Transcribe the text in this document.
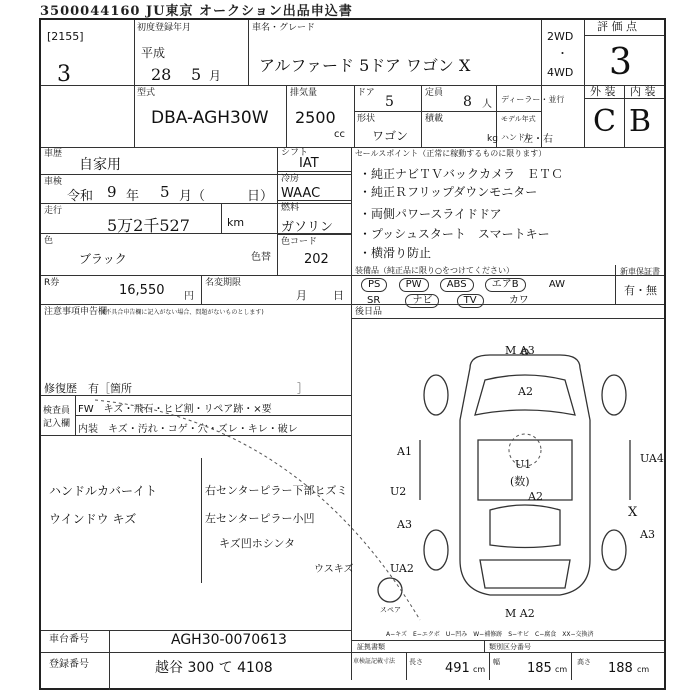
3500044160 JU東京 オークション出品申込書
[2155]
3
初度登録年月
平成
28 5 月
車名・グレード
アルファード 5ドア ワゴン X
2WD
・
4WD
評 価 点
3
型式
DBA-AGH30W
排気量
2500
cc
ドア
5
定員
8 人 ディーラー・並行
形状
ワゴン
積載
kg
モデル年式
ハンドル
左・右
外 装 内 装
C B
車歴
自家用
車検
令和 9 年 5 月（	日）
走行
5万2千527	km
色
ブラック	色替
シフト
IAT
冷房
WAAC
燃料
ガソリン
色コード
202
セールスポイント（正常に稼動するものに限ります）
・純正ナビＴＶバックカメラ　ＥＴＣ
・純正Ｒフリップダウンモニター
・両側パワースライドドア
・プッシュスタート　スマートキー
・横滑り防止
R券	16,550 円
名変期限
月 日
装備品（純正品に限り○をつけてください）
PS	PW	ABS	エアB	AW
SR	ナビ	TV	カワ
新車保証書
有・無
注意事項申告欄
(不具合申告欄に記入がない場合、問題がないものとします)
修復歴　有［箇所　　　　　　　　　　　　　　　］
後日品
検査員
記入欄
FW　キズ・飛石・ヒビ割・リペア跡・×要
内装　キズ・汚れ・コゲ・穴・ズレ・キレ・破レ
ハンドルカバーイト
ウインドウ キズ
右センターピラー下部ヒズミ
左センターピラー小凹
キズ凹ホシンタ
ウスキズ
A−キズ　E−エクボ　U−凹み　W−補修跡　S−サビ　C−腐食　XX−交換済
車台番号	AGH30-0070613
登録番号	越谷 300 て 4108
証拠書類	類別区分番号
車検証記載寸法 長さ 491 cm
幅 185 cm
高さ 188 cm
M A3
A2
A1
U2
A3
U1
(数)
A2
UA4
X
A3
UA2
M A2
スペア
